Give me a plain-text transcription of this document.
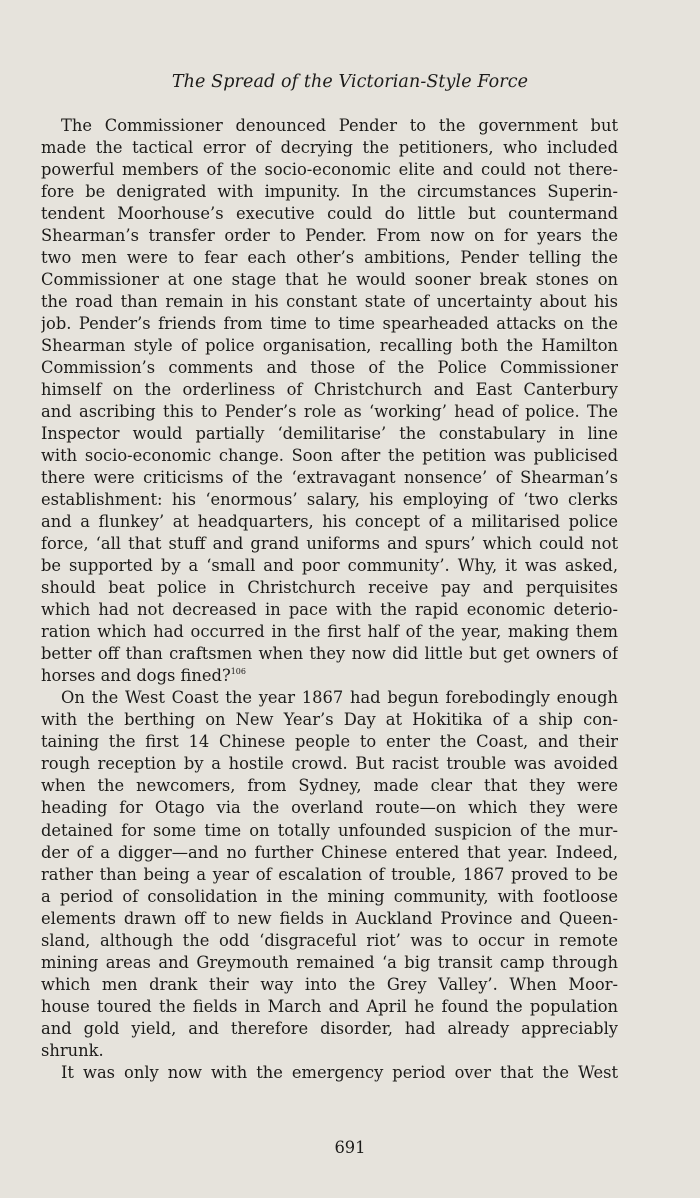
The Spread of the Victorian-Style Force
The Commissioner denounced Pender to the government but
made the tactical error of decrying the petitioners, who included
powerful members of the socio-economic elite and could not there-
fore be denigrated with impunity. In the circumstances Superin-
tendent Moorhouse’s executive could do little but countermand
Shearman’s transfer order to Pender. From now on for years the
two men were to fear each other’s ambitions, Pender telling the
Commissioner at one stage that he would sooner break stones on
the road than remain in his constant state of uncertainty about his
job. Pender’s friends from time to time spearheaded attacks on the
Shearman style of police organisation, recalling both the Hamilton
Commission’s comments and those of the Police Commissioner
himself on the orderliness of Christchurch and East Canterbury
and ascribing this to Pender’s role as ‘working’ head of police. The
Inspector would partially ‘demilitarise’ the constabulary in line
with socio-economic change. Soon after the petition was publicised
there were criticisms of the ‘extravagant nonsence’ of Shearman’s
establishment: his ‘enormous’ salary, his employing of ‘two clerks
and a flunkey’ at headquarters, his concept of a militarised police
force, ‘all that stuff and grand uniforms and spurs’ which could not
be supported by a ‘small and poor community’. Why, it was asked,
should beat police in Christchurch receive pay and perquisites
which had not decreased in pace with the rapid economic deterio-
ration which had occurred in the first half of the year, making them
better off than craftsmen when they now did little but get owners of
horses and dogs fined?$^{106}$
On the West Coast the year 1867 had begun forebodingly enough
with the berthing on New Year’s Day at Hokitika of a ship con-
taining the first 14 Chinese people to enter the Coast, and their
rough reception by a hostile crowd. But racist trouble was avoided
when the newcomers, from Sydney, made clear that they were
heading for Otago via the overland route—on which they were
detained for some time on totally unfounded suspicion of the mur-
der of a digger—and no further Chinese entered that year. Indeed,
rather than being a year of escalation of trouble, 1867 proved to be
a period of consolidation in the mining community, with footloose
elements drawn off to new fields in Auckland Province and Queen-
sland, although the odd ‘disgraceful riot’ was to occur in remote
mining areas and Greymouth remained ‘a big transit camp through
which men drank their way into the Grey Valley’. When Moor-
house toured the fields in March and April he found the population
and gold yield, and therefore disorder, had already appreciably
shrunk.
It was only now with the emergency period over that the West
691
